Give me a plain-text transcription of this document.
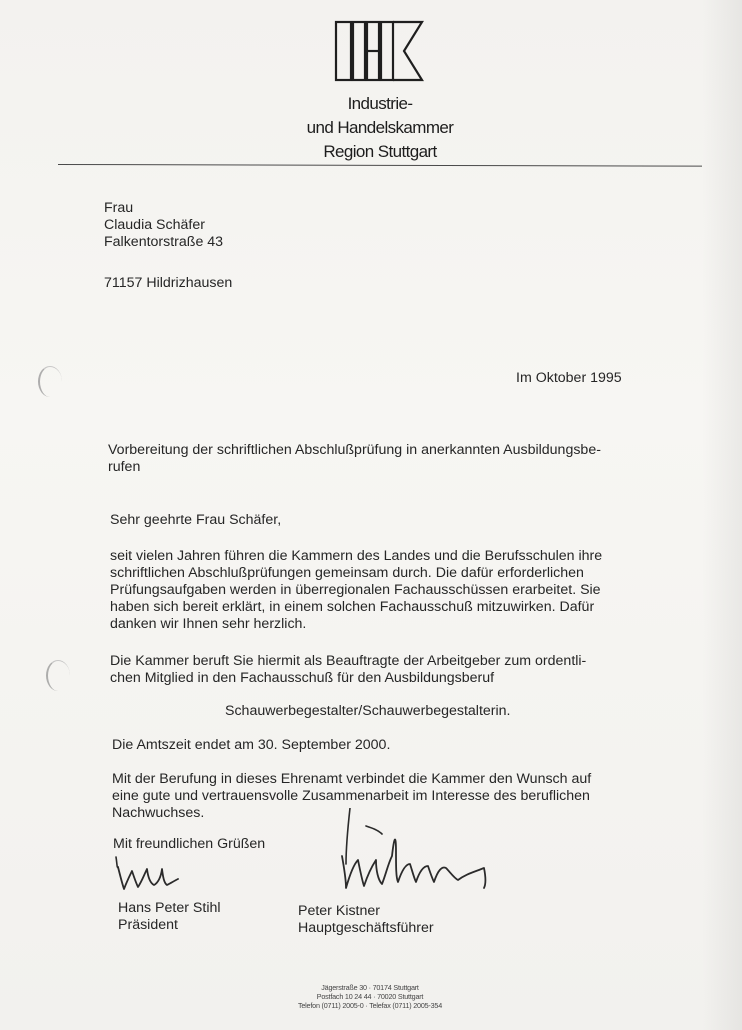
Industrie-
und Handelskammer
Region Stuttgart
Frau
Claudia Schäfer
Falkentorstraße 43
71157 Hildrizhausen
Im Oktober 1995
Vorbereitung der schriftlichen Abschlußprüfung in anerkannten Ausbildungsbe-
rufen
Sehr geehrte Frau Schäfer,
seit vielen Jahren führen die Kammern des Landes und die Berufsschulen ihre
schriftlichen Abschlußprüfungen gemeinsam durch. Die dafür erforderlichen
Prüfungsaufgaben werden in überregionalen Fachausschüssen erarbeitet. Sie
haben sich bereit erklärt, in einem solchen Fachausschuß mitzuwirken. Dafür
danken wir Ihnen sehr herzlich.
Die Kammer beruft Sie hiermit als Beauftragte der Arbeitgeber zum ordentli-
chen Mitglied in den Fachausschuß für den Ausbildungsberuf
Schauwerbegestalter/Schauwerbegestalterin.
Die Amtszeit endet am 30. September 2000.
Mit der Berufung in dieses Ehrenamt verbindet die Kammer den Wunsch auf
eine gute und vertrauensvolle Zusammenarbeit im Interesse des beruflichen
Nachwuchses.
Mit freundlichen Grüßen
Hans Peter Stihl
Präsident
Peter Kistner
Hauptgeschäftsführer
Jägerstraße 30 · 70174 Stuttgart
Postfach 10 24 44 · 70020 Stuttgart
Telefon (0711) 2005-0 · Telefax (0711) 2005-354
